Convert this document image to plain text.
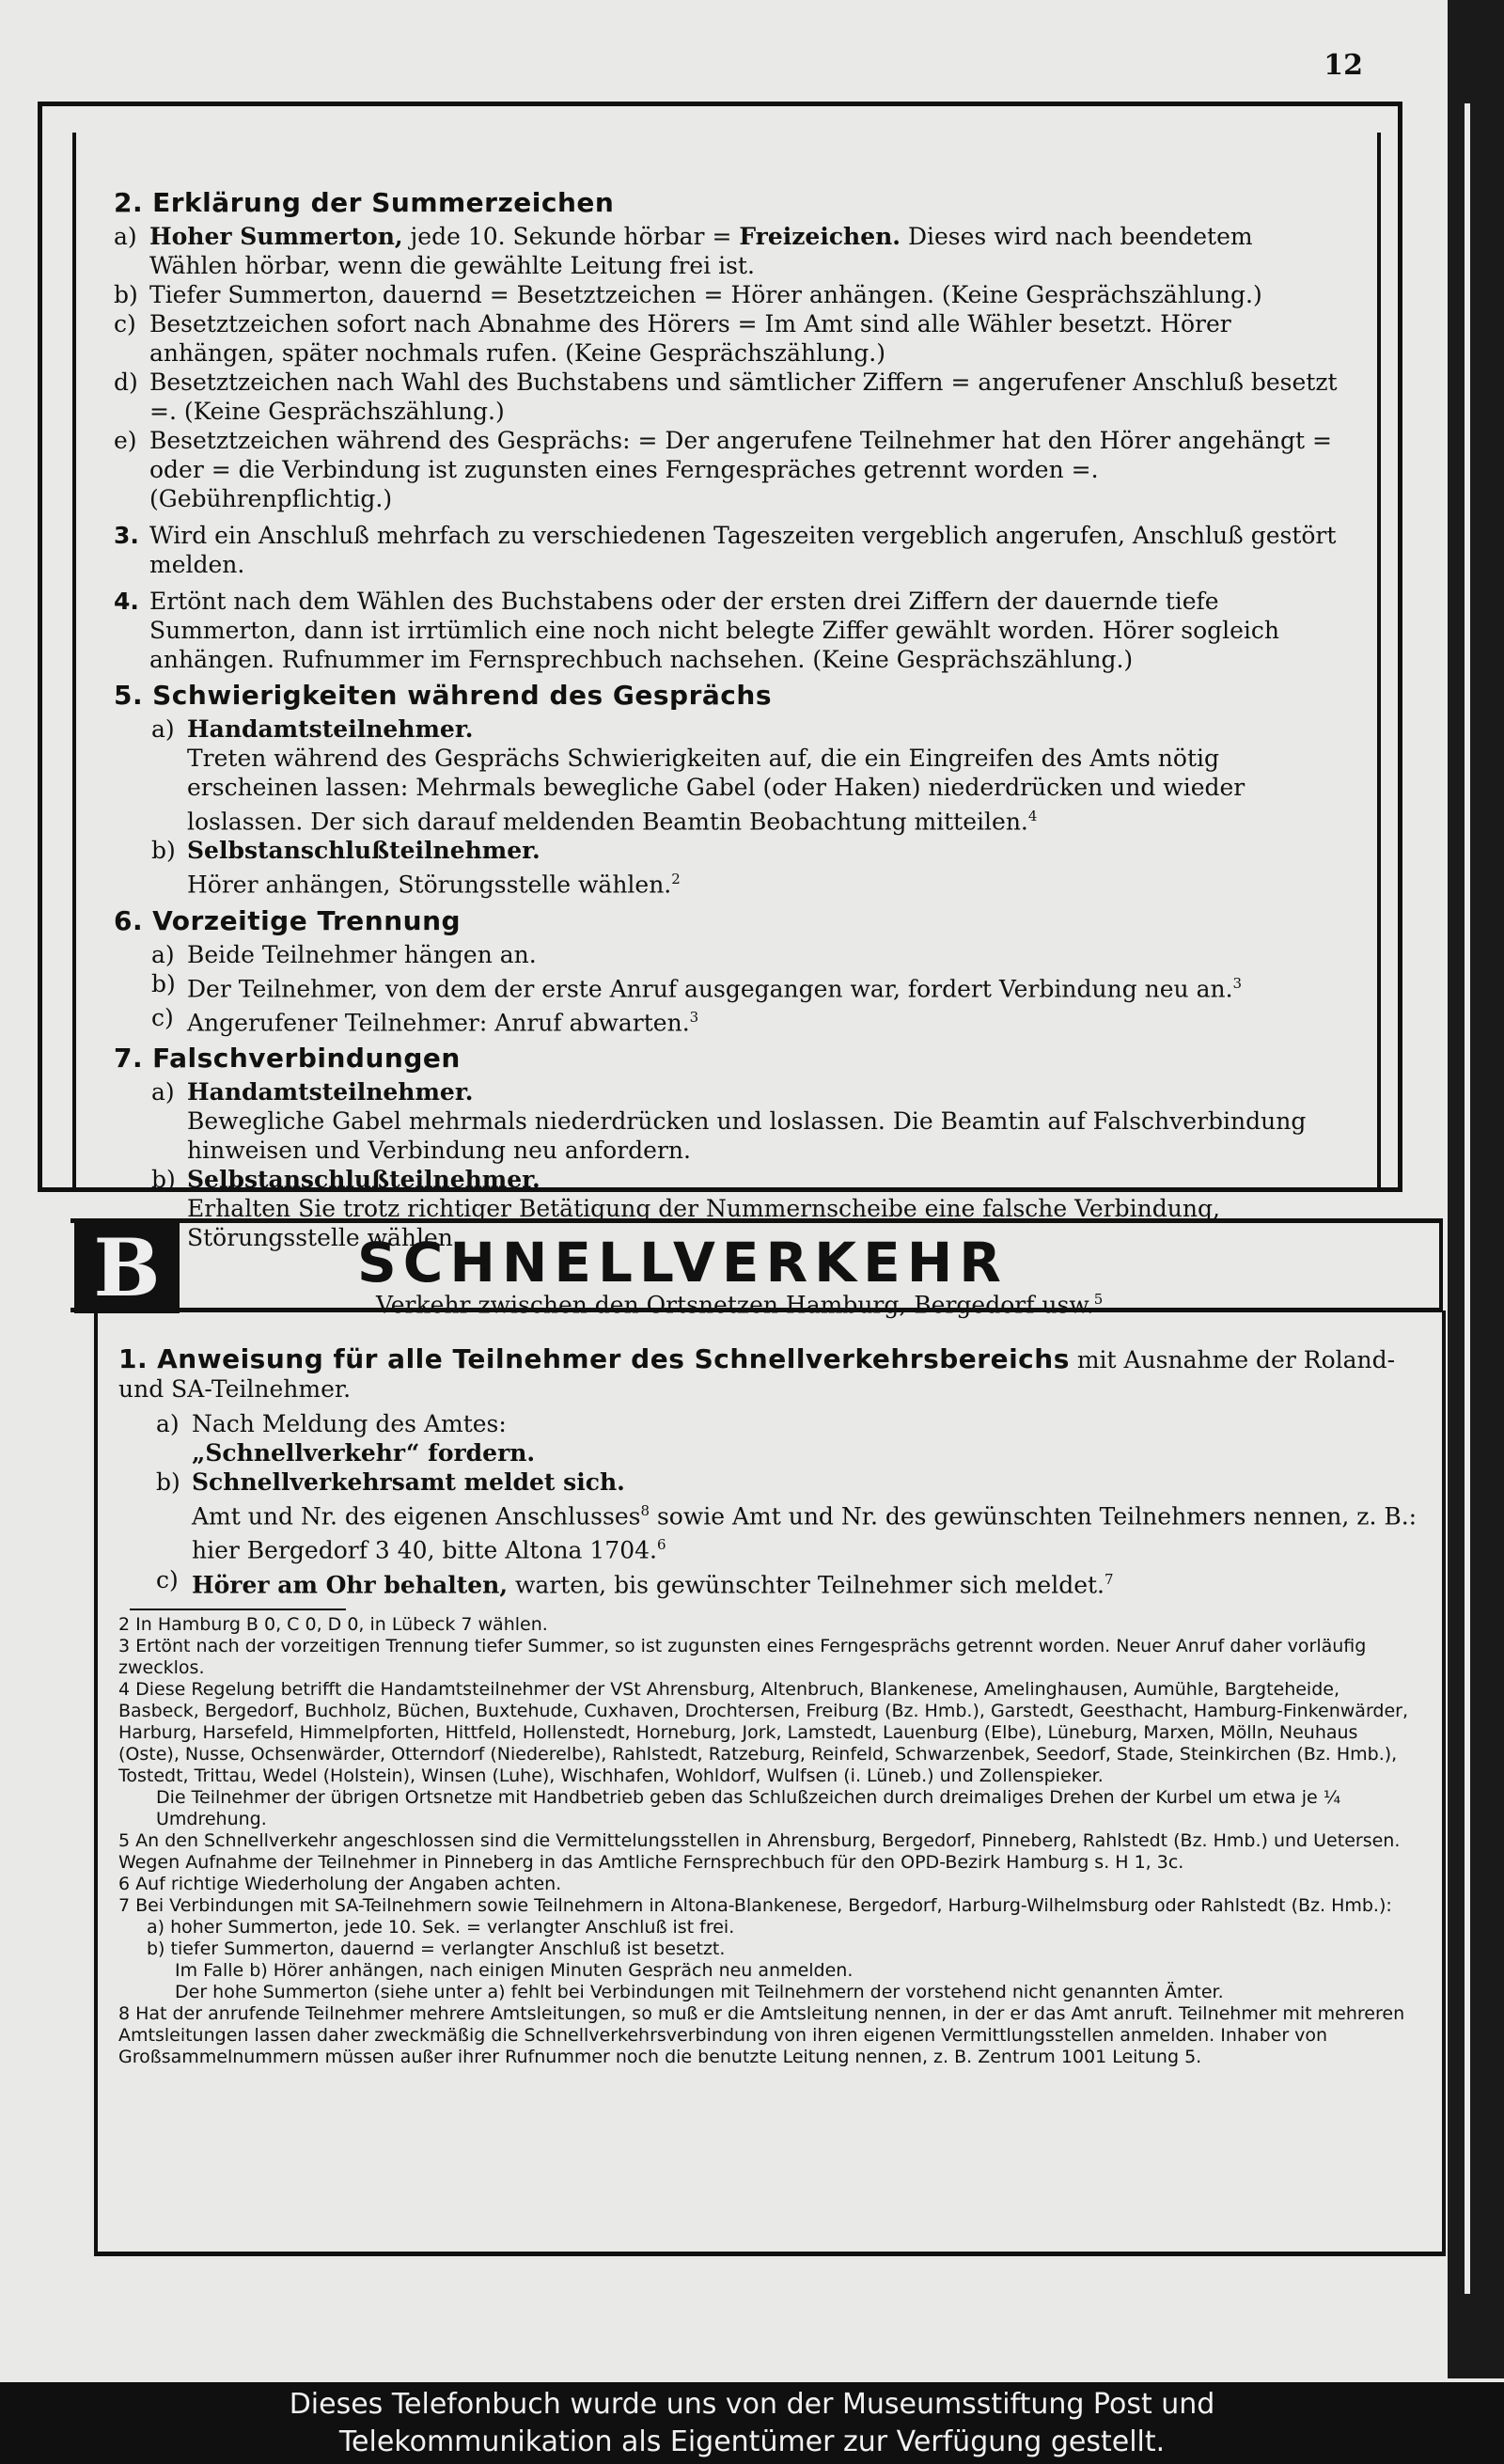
12
2. Erklärung der Summerzeichen
a) Hoher Summerton, jede 10. Sekunde hörbar = Freizeichen. Dieses wird nach beendetem Wählen hörbar, wenn die gewählte Leitung frei ist.
b) Tiefer Summerton, dauernd = Besetztzeichen = Hörer anhängen. (Keine Gesprächszählung.)
c) Besetztzeichen sofort nach Abnahme des Hörers = Im Amt sind alle Wähler besetzt. Hörer anhängen, später nochmals rufen. (Keine Gesprächszählung.)
d) Besetztzeichen nach Wahl des Buchstabens und sämtlicher Ziffern = angerufener Anschluß besetzt =. (Keine Gesprächszählung.)
e) Besetztzeichen während des Gesprächs: = Der angerufene Teilnehmer hat den Hörer angehängt = oder = die Verbindung ist zugunsten eines Ferngespräches getrennt worden =. (Gebührenpflichtig.)
3. Wird ein Anschluß mehrfach zu verschiedenen Tageszeiten vergeblich angerufen, Anschluß gestört melden.
4. Ertönt nach dem Wählen des Buchstabens oder der ersten drei Ziffern der dauernde tiefe Summerton, dann ist irrtümlich eine noch nicht belegte Ziffer gewählt worden. Hörer sogleich anhängen. Rufnummer im Fernsprechbuch nachsehen. (Keine Gesprächszählung.)
5. Schwierigkeiten während des Gesprächs
a) Handamtsteilnehmer.
Treten während des Gesprächs Schwierigkeiten auf, die ein Eingreifen des Amts nötig erscheinen lassen: Mehrmals bewegliche Gabel (oder Haken) niederdrücken und wieder loslassen. Der sich darauf meldenden Beamtin Beobachtung mitteilen.$^4$
b) Selbstanschlußteilnehmer.
Hörer anhängen, Störungsstelle wählen.$^2$
6. Vorzeitige Trennung
a) Beide Teilnehmer hängen an.
b) Der Teilnehmer, von dem der erste Anruf ausgegangen war, fordert Verbindung neu an.$^3$
c) Angerufener Teilnehmer: Anruf abwarten.$^3$
7. Falschverbindungen
a) Handamtsteilnehmer.
Bewegliche Gabel mehrmals niederdrücken und loslassen. Die Beamtin auf Falschverbindung hinweisen und Verbindung neu anfordern.
b) Selbstanschlußteilnehmer.
Erhalten Sie trotz richtiger Betätigung der Nummernscheibe eine falsche Verbindung, Störungsstelle wählen.
B	SCHNELLVERKEHR
Verkehr zwischen den Ortsnetzen Hamburg, Bergedorf usw.$^5$
1. Anweisung für alle Teilnehmer des Schnellverkehrsbereichs mit Ausnahme der Roland- und SA-Teilnehmer.
a) Nach Meldung des Amtes:
„Schnellverkehr“ fordern.
b) Schnellverkehrsamt meldet sich.
Amt und Nr. des eigenen Anschlusses$^8$ sowie Amt und Nr. des gewünschten Teilnehmers nennen, z. B.: hier Bergedorf 3 40, bitte Altona 1704.$^6$
c) Hörer am Ohr behalten, warten, bis gewünschter Teilnehmer sich meldet.$^7$

2 In Hamburg B 0, C 0, D 0, in Lübeck 7 wählen.

3 Ertönt nach der vorzeitigen Trennung tiefer Summer, so ist zugunsten eines Ferngesprächs getrennt worden. Neuer Anruf daher vorläufig zwecklos.

4 Diese Regelung betrifft die Handamtsteilnehmer der VSt Ahrensburg, Altenbruch, Blankenese, Amelinghausen, Aumühle, Bargteheide, Basbeck, Bergedorf, Buchholz, Büchen, Buxtehude, Cuxhaven, Drochtersen, Freiburg (Bz. Hmb.), Garstedt, Geesthacht, Hamburg-Finkenwärder, Harburg, Harsefeld, Himmelpforten, Hittfeld, Hollenstedt, Horneburg, Jork, Lamstedt, Lauenburg (Elbe), Lüneburg, Marxen, Mölln, Neuhaus (Oste), Nusse, Ochsenwärder, Otterndorf (Niederelbe), Rahlstedt, Ratzeburg, Reinfeld, Schwarzenbek, Seedorf, Stade, Steinkirchen (Bz. Hmb.), Tostedt, Trittau, Wedel (Holstein), Winsen (Luhe), Wischhafen, Wohldorf, Wulfsen (i. Lüneb.) und Zollenspieker.

Die Teilnehmer der übrigen Ortsnetze mit Handbetrieb geben das Schlußzeichen durch dreimaliges Drehen der Kurbel um etwa je ¼ Umdrehung.

5 An den Schnellverkehr angeschlossen sind die Vermittelungsstellen in Ahrensburg, Bergedorf, Pinneberg, Rahlstedt (Bz. Hmb.) und Uetersen. Wegen Aufnahme der Teilnehmer in Pinneberg in das Amtliche Fernsprechbuch für den OPD-Bezirk Hamburg s. H 1, 3c.

6 Auf richtige Wiederholung der Angaben achten.

7 Bei Verbindungen mit SA-Teilnehmern sowie Teilnehmern in Altona-Blankenese, Bergedorf, Harburg-Wilhelmsburg oder Rahlstedt (Bz. Hmb.):

a) hoher Summerton, jede 10. Sek. = verlangter Anschluß ist frei.

b) tiefer Summerton, dauernd = verlangter Anschluß ist besetzt.

Im Falle b) Hörer anhängen, nach einigen Minuten Gespräch neu anmelden.

Der hohe Summerton (siehe unter a) fehlt bei Verbindungen mit Teilnehmern der vorstehend nicht genannten Ämter.

8 Hat der anrufende Teilnehmer mehrere Amtsleitungen, so muß er die Amtsleitung nennen, in der er das Amt anruft. Teilnehmer mit mehreren Amtsleitungen lassen daher zweckmäßig die Schnellverkehrsverbindung von ihren eigenen Vermittlungsstellen anmelden. Inhaber von Großsammelnummern müssen außer ihrer Rufnummer noch die benutzte Leitung nennen, z. B. Zentrum 1001 Leitung 5.

Dieses Telefonbuch wurde uns von der Museumsstiftung Post und
Telekommunikation als Eigentümer zur Verfügung gestellt.
